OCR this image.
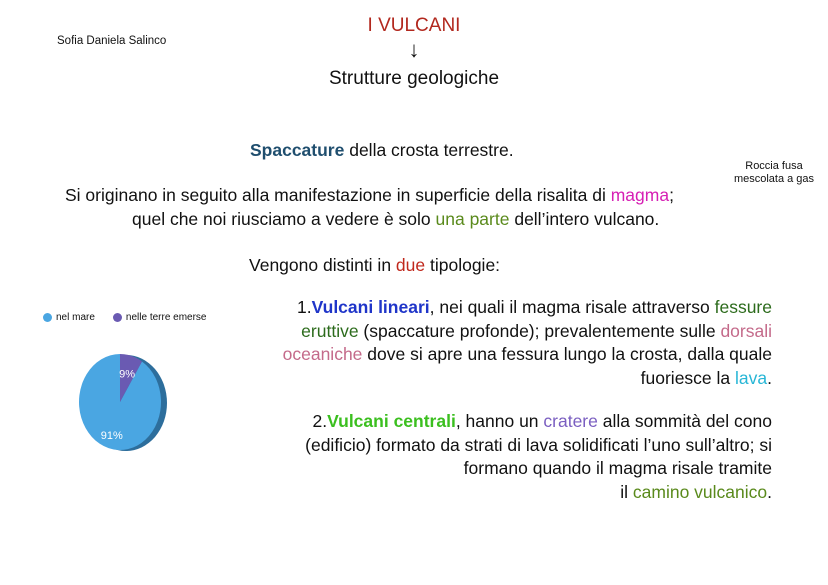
Sofia Daniela Salinco
I VULCANI
↓
Strutture geologiche
Roccia fusa
mescolata a gas
Spaccature della crosta terrestre.
Si originano in seguito alla manifestazione in superficie della risalita di magma;
quel che noi riusciamo a vedere è solo una parte dell’intero vulcano.
Vengono distinti in due tipologie:
1.Vulcani lineari, nei quali il magma risale attraverso fessure
eruttive (spaccature profonde); prevalentemente sulle dorsali
oceaniche dove si apre una fessura lungo la crosta, dalla quale
fuoriesce la lava.
2.Vulcani centrali, hanno un cratere alla sommità del cono
(edificio) formato da strati di lava solidificati l’uno sull’altro; si
formano quando il magma risale tramite
il camino vulcanico.
nel mare	nelle terre emerse
91%
9%
